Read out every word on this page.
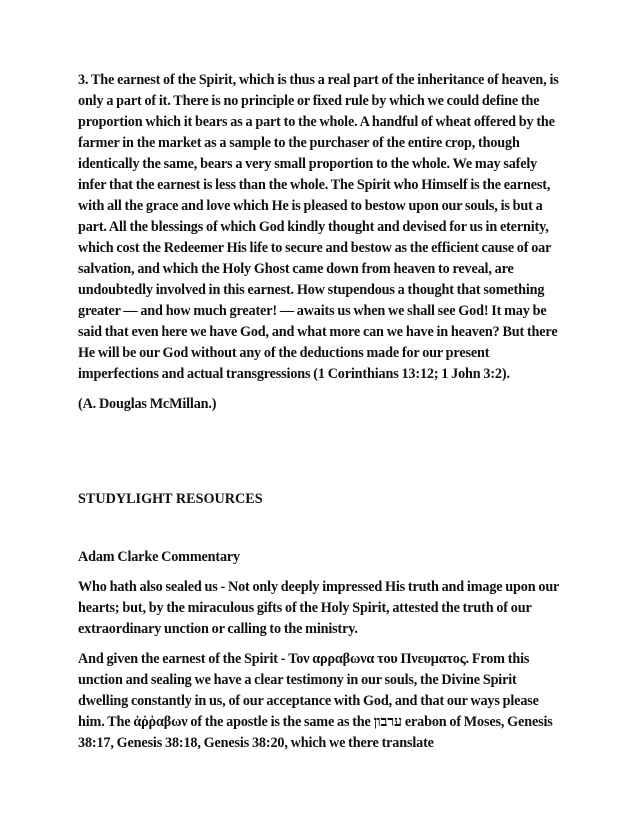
3. The earnest of the Spirit, which is thus a real part of the inheritance of heaven, is only a part of it. There is no principle or fixed rule by which we could define the proportion which it bears as a part to the whole. A handful of wheat offered by the farmer in the market as a sample to the purchaser of the entire crop, though identically the same, bears a very small proportion to the whole. We may safely infer that the earnest is less than the whole. The Spirit who Himself is the earnest, with all the grace and love which He is pleased to bestow upon our souls, is but a part. All the blessings of which God kindly thought and devised for us in eternity, which cost the Redeemer His life to secure and bestow as the efficient cause of oar salvation, and which the Holy Ghost came down from heaven to reveal, are undoubtedly involved in this earnest. How stupendous a thought that something greater — and how much greater! — awaits us when we shall see God! It may be said that even here we have God, and what more can we have in heaven? But there He will be our God without any of the deductions made for our present imperfections and actual transgressions (1 Corinthians 13:12; 1 John 3:2).

(A. Douglas McMillan.)

STUDYLIGHT RESOURCES

Adam Clarke Commentary

Who hath also sealed us - Not only deeply impressed His truth and image upon our hearts; but, by the miraculous gifts of the Holy Spirit, attested the truth of our extraordinary unction or calling to the ministry.

And given the earnest of the Spirit - Τον αρραβωνα του Πνευματος. From this unction and sealing we have a clear testimony in our souls, the Divine Spirit dwelling constantly in us, of our acceptance with God, and that our ways please him. The ἀῤῥαβων of the apostle is the same as the ערבון erabon of Moses, Genesis 38:17, Genesis 38:18, Genesis 38:20, which we there translate
